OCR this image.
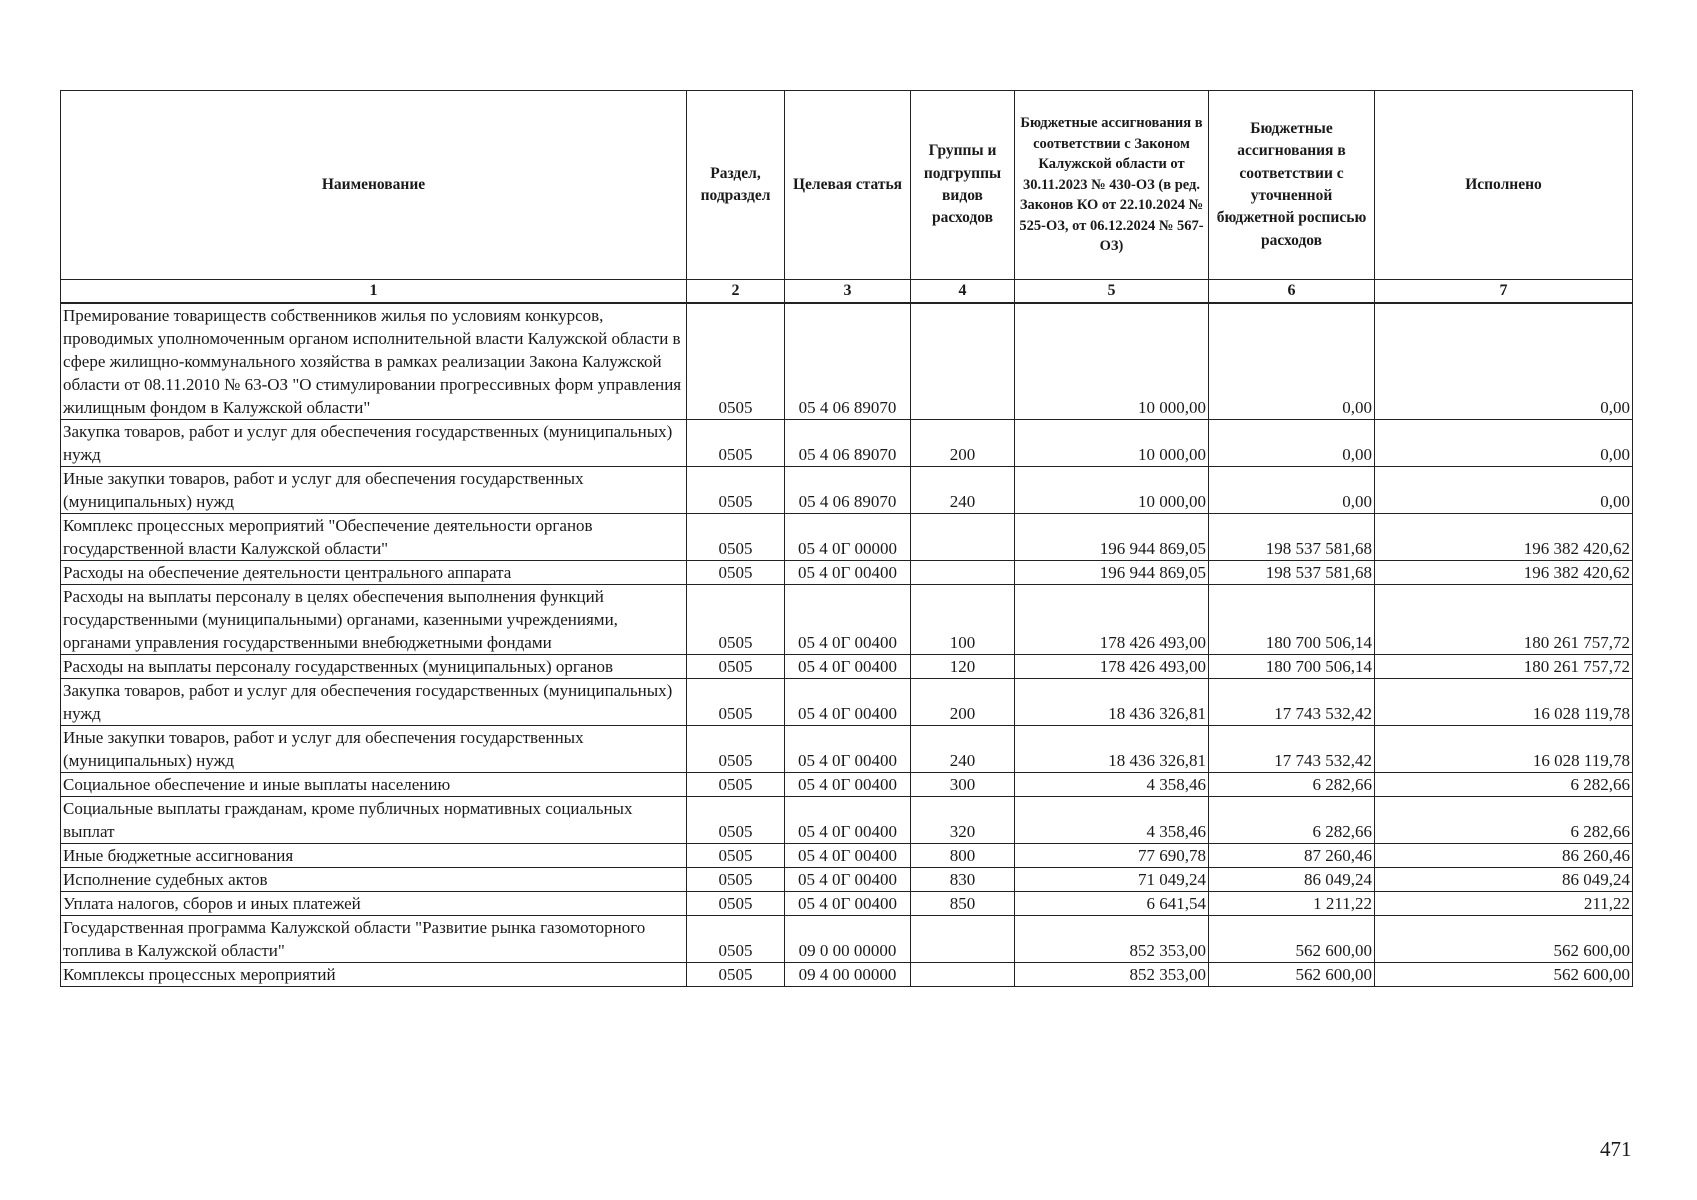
Наименование	Раздел, подраздел	Целевая статья	Группы и подгруппы видов расходов	Бюджетные ассигнования в соответствии с Законом Калужской области от 30.11.2023 № 430-ОЗ (в ред. Законов КО от 22.10.2024 № 525-ОЗ, от 06.12.2024 № 567-ОЗ)	Бюджетные ассигнования в соответствии с уточненной бюджетной росписью расходов	Исполнено
1	2	3	4	5	6	7
Премирование товариществ собственников жилья по условиям конкурсов, проводимых уполномоченным органом исполнительной власти Калужской области в сфере жилищно-коммунального хозяйства в рамках реализации Закона Калужской области от 08.11.2010 № 63-ОЗ "О стимулировании прогрессивных форм управления жилищным фондом в Калужской области"	0505	05 4 06 89070		10 000,00	0,00	0,00
Закупка товаров, работ и услуг для обеспечения государственных (муниципальных) нужд	0505	05 4 06 89070	200	10 000,00	0,00	0,00
Иные закупки товаров, работ и услуг для обеспечения государственных (муниципальных) нужд	0505	05 4 06 89070	240	10 000,00	0,00	0,00
Комплекс процессных мероприятий "Обеспечение деятельности органов государственной власти Калужской области"	0505	05 4 0Г 00000		196 944 869,05	198 537 581,68	196 382 420,62
Расходы на обеспечение деятельности центрального аппарата	0505	05 4 0Г 00400		196 944 869,05	198 537 581,68	196 382 420,62
Расходы на выплаты персоналу в целях обеспечения выполнения функций государственными (муниципальными) органами, казенными учреждениями, органами управления государственными внебюджетными фондами	0505	05 4 0Г 00400	100	178 426 493,00	180 700 506,14	180 261 757,72
Расходы на выплаты персоналу государственных (муниципальных) органов	0505	05 4 0Г 00400	120	178 426 493,00	180 700 506,14	180 261 757,72
Закупка товаров, работ и услуг для обеспечения государственных (муниципальных) нужд	0505	05 4 0Г 00400	200	18 436 326,81	17 743 532,42	16 028 119,78
Иные закупки товаров, работ и услуг для обеспечения государственных (муниципальных) нужд	0505	05 4 0Г 00400	240	18 436 326,81	17 743 532,42	16 028 119,78
Социальное обеспечение и иные выплаты населению	0505	05 4 0Г 00400	300	4 358,46	6 282,66	6 282,66
Социальные выплаты гражданам, кроме публичных нормативных социальных выплат	0505	05 4 0Г 00400	320	4 358,46	6 282,66	6 282,66
Иные бюджетные ассигнования	0505	05 4 0Г 00400	800	77 690,78	87 260,46	86 260,46
Исполнение судебных актов	0505	05 4 0Г 00400	830	71 049,24	86 049,24	86 049,24
Уплата налогов, сборов и иных платежей	0505	05 4 0Г 00400	850	6 641,54	1 211,22	211,22
Государственная программа Калужской области "Развитие рынка газомоторного топлива в Калужской области"	0505	09 0 00 00000		852 353,00	562 600,00	562 600,00
Комплексы процессных мероприятий	0505	09 4 00 00000		852 353,00	562 600,00	562 600,00
471
